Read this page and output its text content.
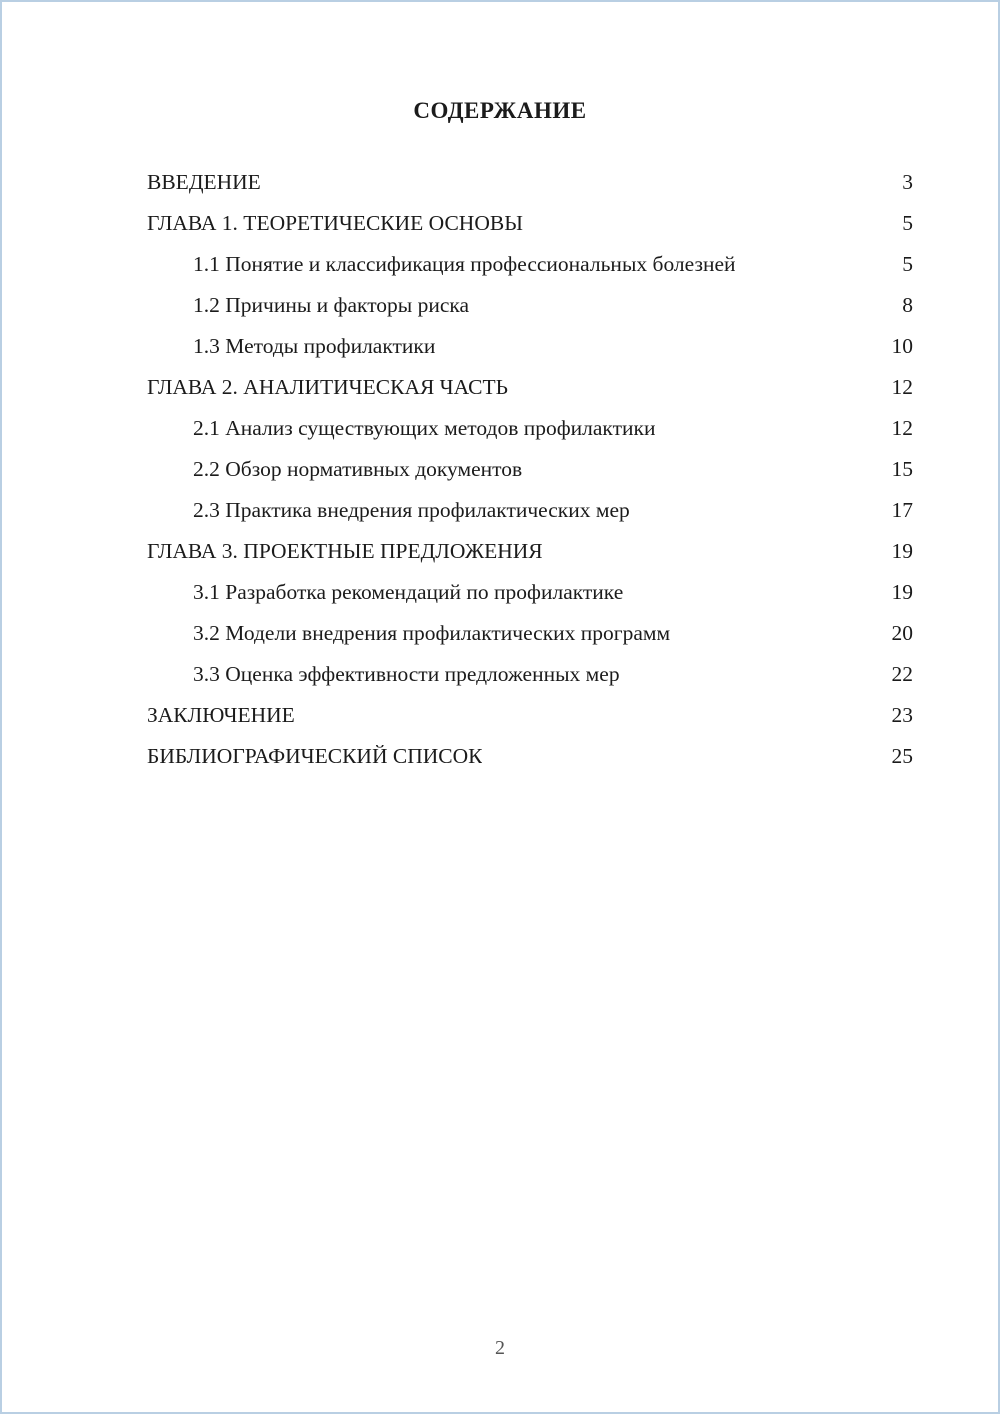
СОДЕРЖАНИЕ
ВВЕДЕНИЕ	3
ГЛАВА 1. ТЕОРЕТИЧЕСКИЕ ОСНОВЫ	5
1.1 Понятие и классификация профессиональных болезней	5
1.2 Причины и факторы риска	8
1.3 Методы профилактики	10
ГЛАВА 2. АНАЛИТИЧЕСКАЯ ЧАСТЬ	12
2.1 Анализ существующих методов профилактики	12
2.2 Обзор нормативных документов	15
2.3 Практика внедрения профилактических мер	17
ГЛАВА 3. ПРОЕКТНЫЕ ПРЕДЛОЖЕНИЯ	19
3.1 Разработка рекомендаций по профилактике	19
3.2 Модели внедрения профилактических программ	20
3.3 Оценка эффективности предложенных мер	22
ЗАКЛЮЧЕНИЕ	23
БИБЛИОГРАФИЧЕСКИЙ СПИСОК	25
2
